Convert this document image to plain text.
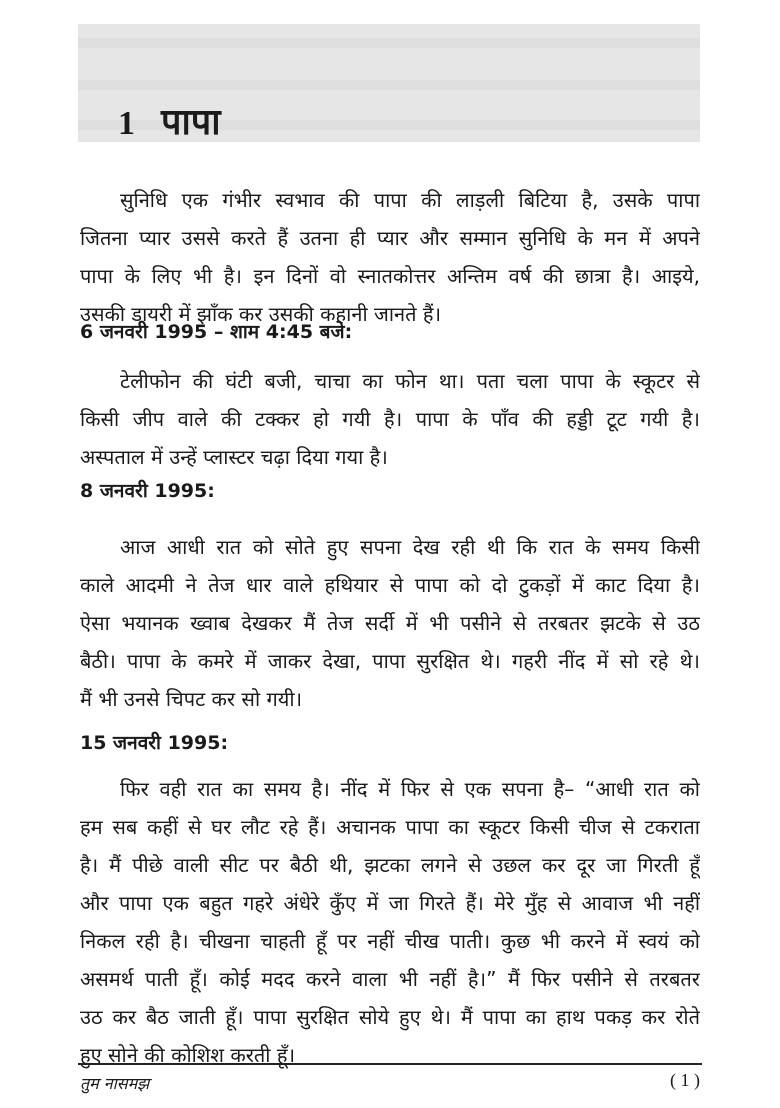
1 पापा
सुनिधि एक गंभीर स्वभाव की पापा की लाड़ली बिटिया है, उसके पापा
जितना प्यार उससे करते हैं उतना ही प्यार और सम्मान सुनिधि के मन में अपने
पापा के लिए भी है। इन दिनों वो स्नातकोत्तर अन्तिम वर्ष की छात्रा है। आइये,
उसकी डायरी में झाँक कर उसकी कहानी जानते हैं।
6 जनवरी 1995 – शाम 4:45 बजे:
टेलीफोन की घंटी बजी, चाचा का फोन था। पता चला पापा के स्कूटर से
किसी जीप वाले की टक्कर हो गयी है। पापा के पाँव की हड्डी टूट गयी है।
अस्पताल में उन्हें प्लास्टर चढ़ा दिया गया है।
8 जनवरी 1995:
आज आधी रात को सोते हुए सपना देख रही थी कि रात के समय किसी
काले आदमी ने तेज धार वाले हथियार से पापा को दो टुकड़ों में काट दिया है।
ऐसा भयानक ख्वाब देखकर मैं तेज सर्दी में भी पसीने से तरबतर झटके से उठ
बैठी। पापा के कमरे में जाकर देखा, पापा सुरक्षित थे। गहरी नींद में सो रहे थे।
मैं भी उनसे चिपट कर सो गयी।
15 जनवरी 1995:
फिर वही रात का समय है। नींद में फिर से एक सपना है– “आधी रात को
हम सब कहीं से घर लौट रहे हैं। अचानक पापा का स्कूटर किसी चीज से टकराता
है। मैं पीछे वाली सीट पर बैठी थी, झटका लगने से उछल कर दूर जा गिरती हूँ
और पापा एक बहुत गहरे अंधेरे कुँए में जा गिरते हैं। मेरे मुँह से आवाज भी नहीं
निकल रही है। चीखना चाहती हूँ पर नहीं चीख पाती। कुछ भी करने में स्वयं को
असमर्थ पाती हूँ। कोई मदद करने वाला भी नहीं है।” मैं फिर पसीने से तरबतर
उठ कर बैठ जाती हूँ। पापा सुरक्षित सोये हुए थे। मैं पापा का हाथ पकड़ कर रोते
हुए सोने की कोशिश करती हूँ।
तुम नासमझ	( 1 )
